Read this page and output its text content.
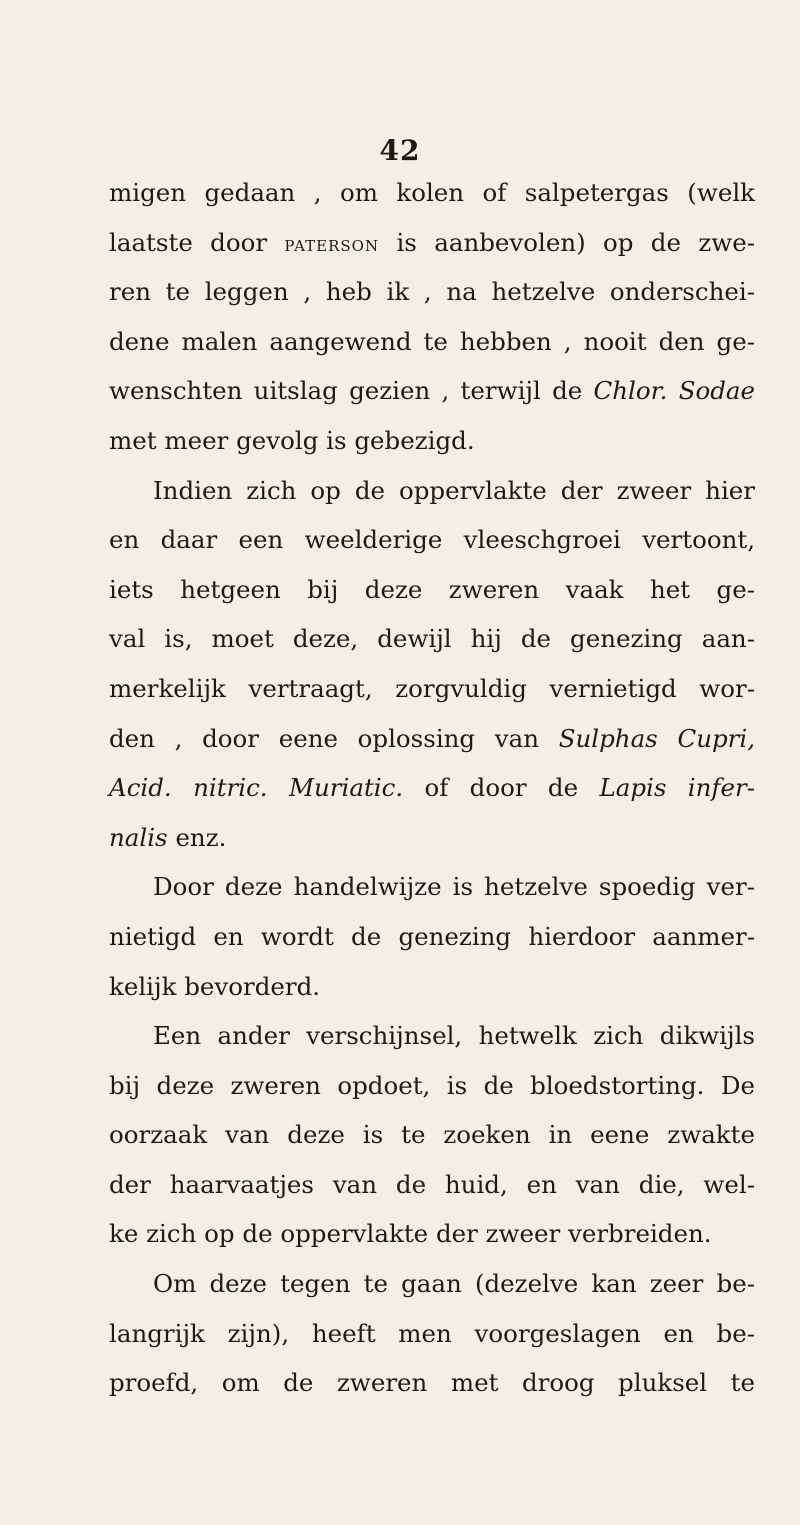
42
migen gedaan , om kolen of salpetergas (welk
laatste door paterson is aanbevolen) op de zwe-
ren te leggen , heb ik , na hetzelve onderschei-
dene malen aangewend te hebben , nooit den ge-
wenschten uitslag gezien , terwijl de Chlor. Sodae
met meer gevolg is gebezigd.
Indien zich op de oppervlakte der zweer hier
en daar een weelderige vleeschgroei vertoont,
iets hetgeen bij deze zweren vaak het ge-
val is, moet deze, dewijl hij de genezing aan-
merkelijk vertraagt, zorgvuldig vernietigd wor-
den , door eene oplossing van Sulphas Cupri,
Acid. nitric. Muriatic. of door de Lapis infer-
nalis enz.
Door deze handelwijze is hetzelve spoedig ver-
nietigd en wordt de genezing hierdoor aanmer-
kelijk bevorderd.
Een ander verschijnsel, hetwelk zich dikwijls
bij deze zweren opdoet, is de bloedstorting. De
oorzaak van deze is te zoeken in eene zwakte
der haarvaatjes van de huid, en van die, wel-
ke zich op de oppervlakte der zweer verbreiden.
Om deze tegen te gaan (dezelve kan zeer be-
langrijk zijn), heeft men voorgeslagen en be-
proefd, om de zweren met droog pluksel te
